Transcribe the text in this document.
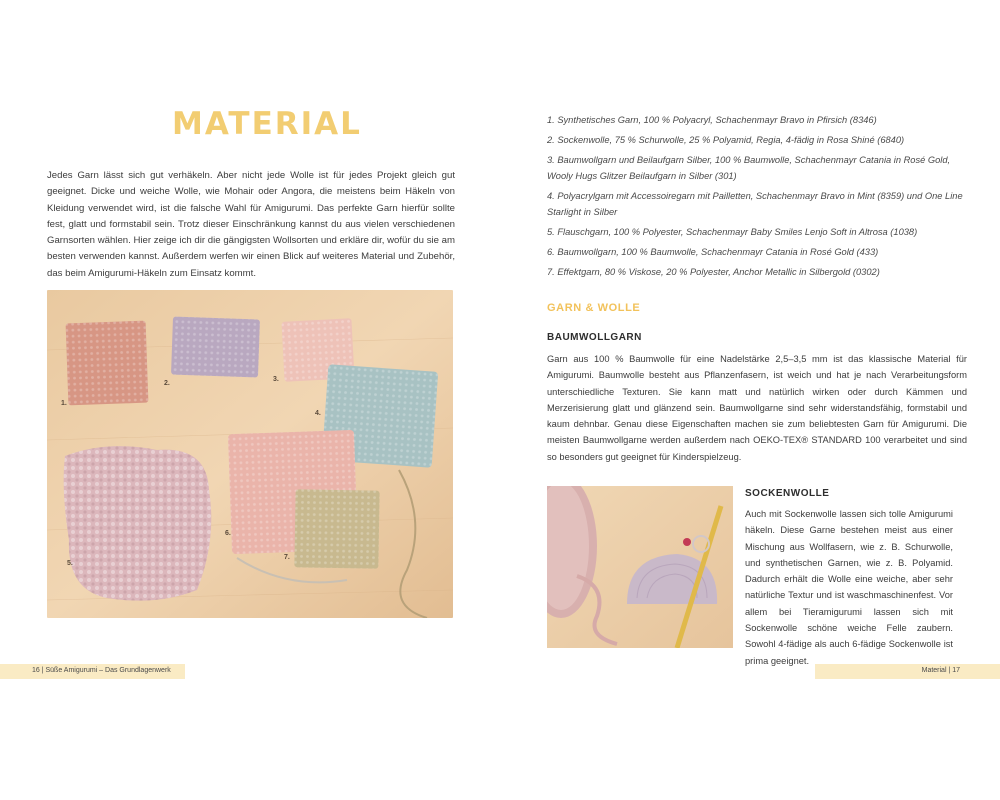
MATERIAL

Jedes Garn lässt sich gut verhäkeln. Aber nicht jede Wolle ist für jedes Projekt gleich gut geeignet. Dicke und weiche Wolle, wie Mohair oder Angora, die meistens beim Häkeln von Kleidung verwendet wird, ist die falsche Wahl für Amigurumi. Das perfekte Garn hierfür sollte fest, glatt und formstabil sein. Trotz dieser Einschränkung kannst du aus vielen verschiedenen Garnsorten wählen. Hier zeige ich dir die gängigsten Wollsorten und erkläre dir, wofür du sie am besten verwenden kannst. Außerdem werfen wir einen Blick auf weiteres Material und Zubehör, das beim Amigurumi-Häkeln zum Einsatz kommt.

1.
2.
3.
4.
5.
6.
7.
16 | Süße Amigurumi – Das Grundlagenwerk
1. Synthetisches Garn, 100 % Polyacryl, Schachenmayr Bravo in Pfirsich (8346)
2. Sockenwolle, 75 % Schurwolle, 25 % Polyamid, Regia, 4-fädig in Rosa Shiné (6840)
3. Baumwollgarn und Beilaufgarn Silber, 100 % Baumwolle, Schachenmayr Catania in Rosé Gold, Wooly Hugs Glitzer Beilaufgarn in Silber (301)
4. Polyacrylgarn mit Accessoiregarn mit Pailletten, Schachenmayr Bravo in Mint (8359) und One Line Starlight in Silber
5. Flauschgarn, 100 % Polyester, Schachenmayr Baby Smiles Lenjo Soft in Altrosa (1038)
6. Baumwollgarn, 100 % Baumwolle, Schachenmayr Catania in Rosé Gold (433)
7. Effektgarn, 80 % Viskose, 20 % Polyester, Anchor Metallic in Silbergold (0302)
GARN & WOLLE
BAUMWOLLGARN

Garn aus 100 % Baumwolle für eine Nadelstärke 2,5–3,5 mm ist das klassische Material für Amigurumi. Baumwolle besteht aus Pflanzenfasern, ist weich und hat je nach Verarbeitungsform unterschiedliche Texturen. Sie kann matt und natürlich wirken oder durch Kämmen und Merzerisierung glatt und glänzend sein. Baumwollgarne sind sehr widerstandsfähig, formstabil und kaum dehnbar. Genau diese Eigenschaften machen sie zum beliebtesten Garn für Amigurumi. Die meisten Baumwollgarne werden außerdem nach OEKO-TEX® STANDARD 100 verarbeitet und sind so besonders gut geeignet für Kinderspielzeug.

SOCKENWOLLE

Auch mit Sockenwolle lassen sich tolle Amigurumi häkeln. Diese Garne bestehen meist aus einer Mischung aus Wollfasern, wie z. B. Schurwolle, und synthetischen Garnen, wie z. B. Polyamid. Dadurch erhält die Wolle eine weiche, aber sehr natürliche Textur und ist waschmaschinenfest. Vor allem bei Tieramigurumi lassen sich mit Sockenwolle schöne weiche Felle zaubern. Sowohl 4-fädige als auch 6-fädige Sockenwolle ist prima geeignet.

Material | 17
